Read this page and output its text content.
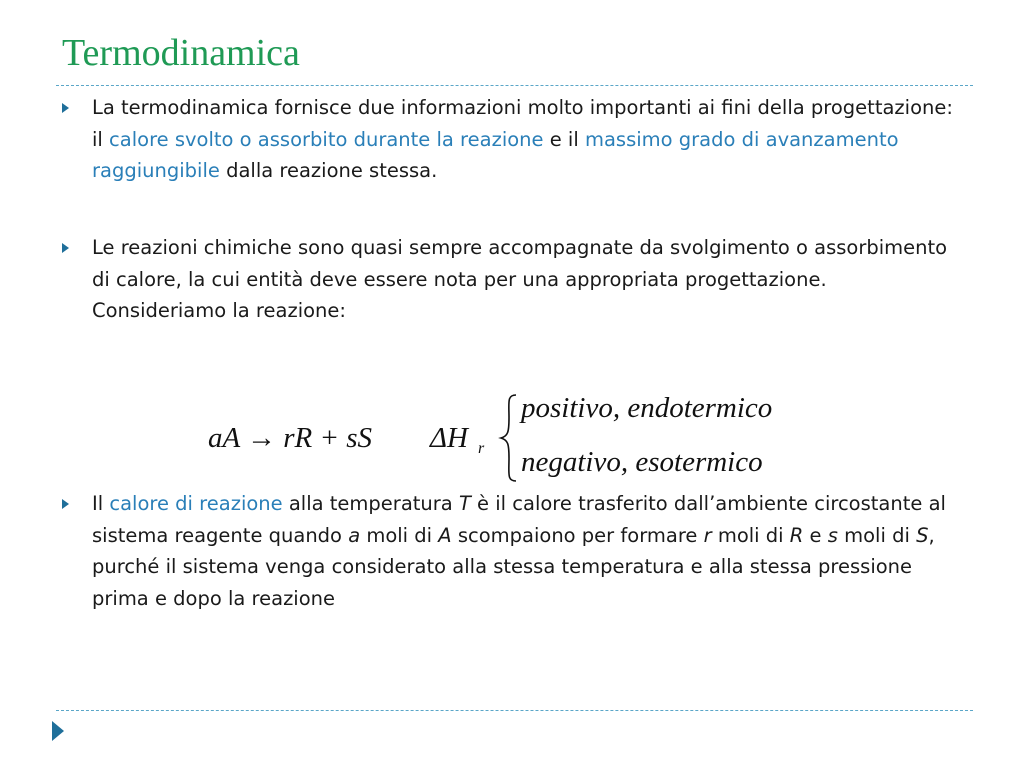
Termodinamica
La termodinamica fornisce due informazioni molto importanti ai fini della progettazione: il calore svolto o assorbito durante la reazione e il massimo grado di avanzamento raggiungibile dalla reazione stessa.
Le reazioni chimiche sono quasi sempre accompagnate da svolgimento o assorbimento di calore, la cui entità deve essere nota per una appropriata progettazione. Consideriamo la reazione:
aA → rR + sS ΔH r
positivo, endotermico
negativo, esotermico
Il calore di reazione alla temperatura T è il calore trasferito dall’ambiente circostante al sistema reagente quando a moli di A scompaiono per formare r moli di R e s moli di S, purché il sistema venga considerato alla stessa temperatura e alla stessa pressione prima e dopo la reazione
